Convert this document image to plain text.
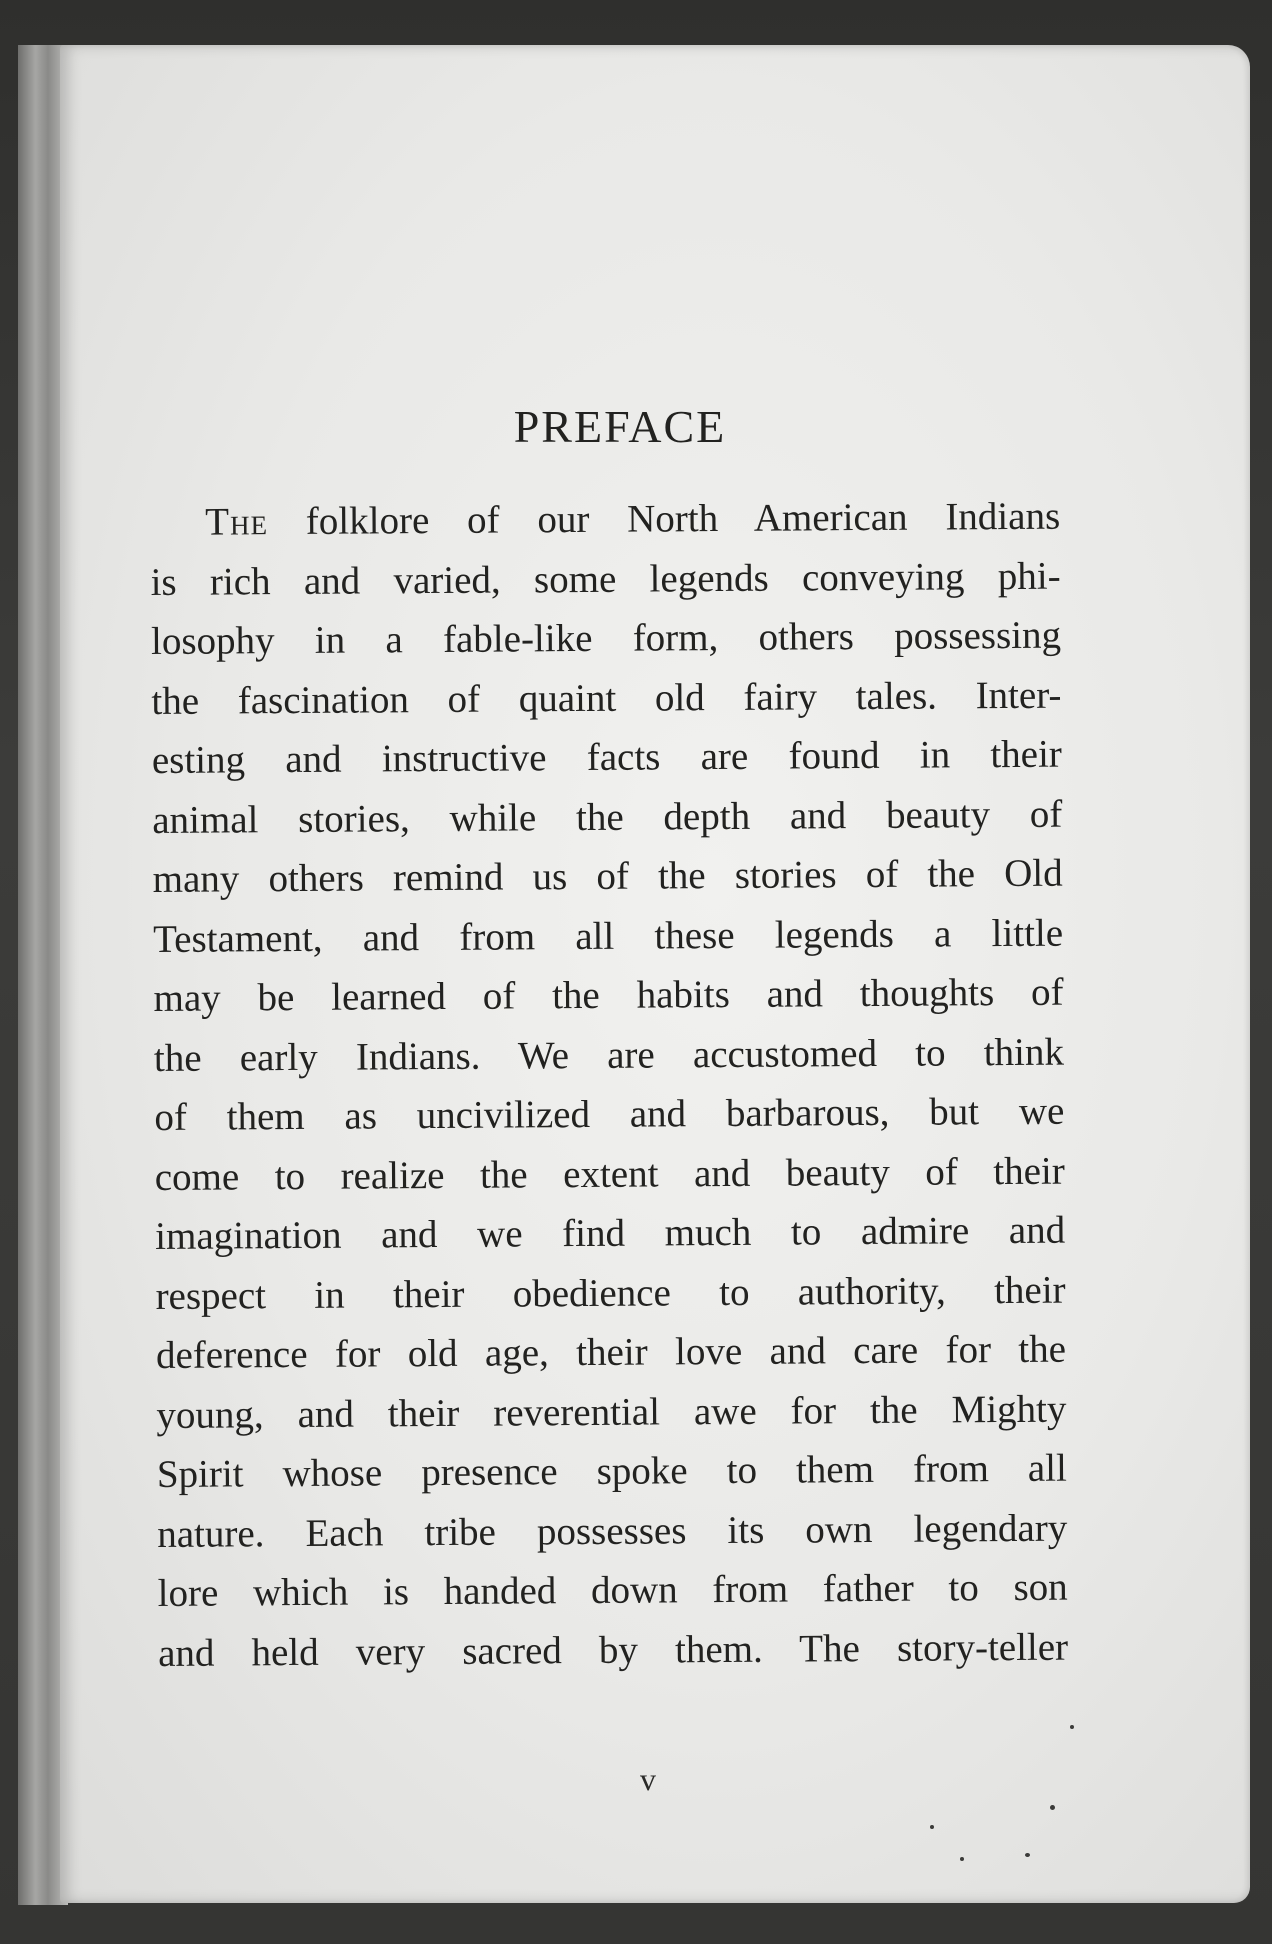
PREFACE

The folklore of our North American Indians
is rich and varied, some legends conveying phi-
losophy in a fable-like form, others possessing
the fascination of quaint old fairy tales. Inter-
esting and instructive facts are found in their
animal stories, while the depth and beauty of
many others remind us of the stories of the Old
Testament, and from all these legends a little
may be learned of the habits and thoughts of
the early Indians. We are accustomed to think
of them as uncivilized and barbarous, but we
come to realize the extent and beauty of their
imagination and we find much to admire and
respect in their obedience to authority, their
deference for old age, their love and care for the
young, and their reverential awe for the Mighty
Spirit whose presence spoke to them from all
nature. Each tribe possesses its own legendary
lore which is handed down from father to son
and held very sacred by them. The story-teller

v
